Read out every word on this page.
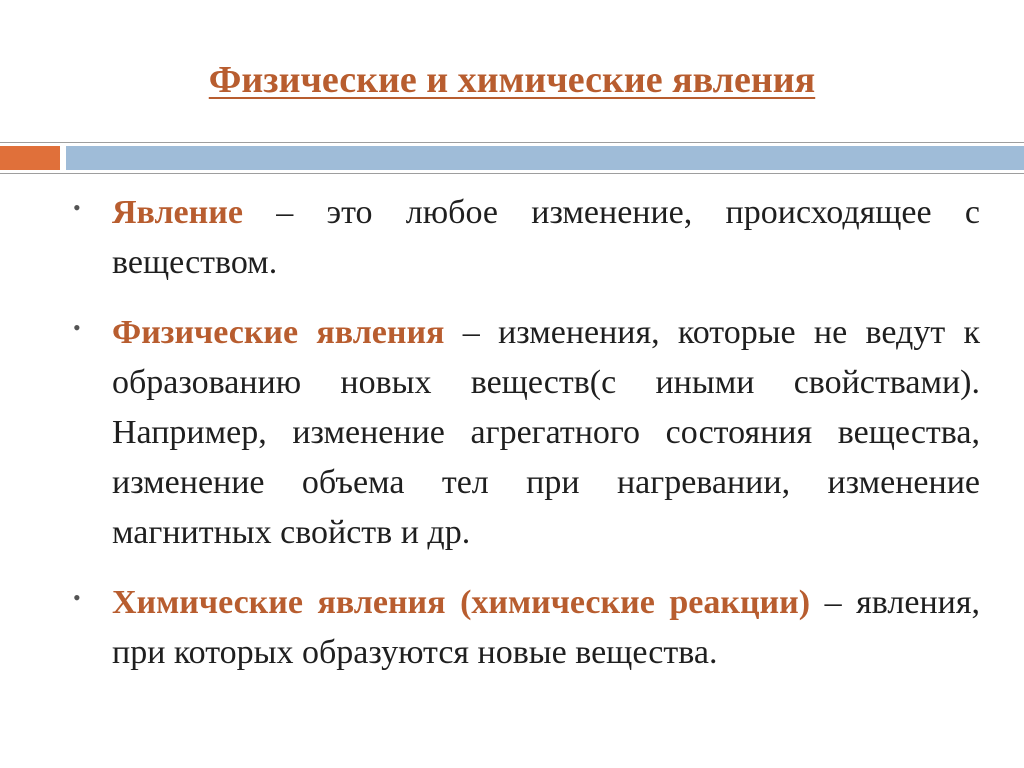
Физические и химические явления
• Явление – это любое изменение, происходящее с веществом.
• Физические явления – изменения, которые не ведут к образованию новых веществ(с иными свойствами). Например, изменение агрегатного состояния вещества, изменение объема тел при нагревании, изменение магнитных свойств и др.
• Химические явления (химические реакции) – явления, при которых образуются новые вещества.
